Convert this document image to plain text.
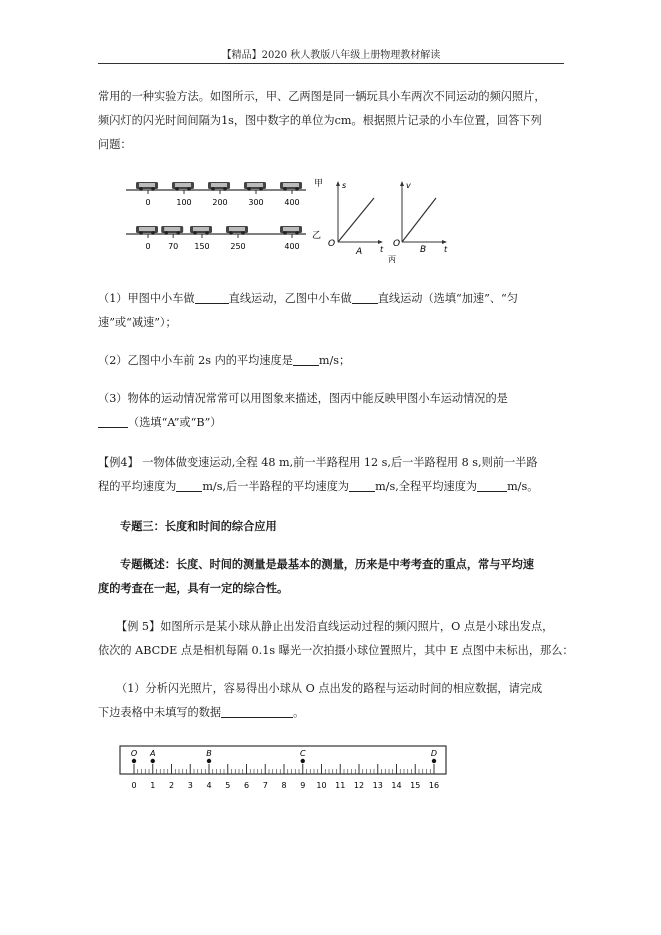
【精品】2020 秋人教版八年级上册物理教材解读
常用的一种实验方法。如图所示，甲、乙两图是同一辆玩具小车两次不同运动的频闪照片，
频闪灯的闪光时间间隔为1s，图中数字的单位为cm。根据照片记录的小车位置，回答下列
问题：
0	100	200	300	400
甲
0 70 150	250	400
乙
s
t
O
A
v
t
O
B
丙
（1）甲图中小车做	直线运动，乙图中小车做 直线运动（选填“加速”、“匀
速”或“减速”）；
（2）乙图中小车前 2s 内的平均速度是 m/s；
（3）物体的运动情况常常可以用图象来描述，图丙中能反映甲图小车运动情况的是
（选填“A”或“B”）
【例4】 一物体做变速运动,全程 48 m,前一半路程用 12 s,后一半路程用 8 s,则前一半路
程的平均速度为 m/s,后一半路程的平均速度为 m/s,全程平均速度为	m/s。
专题三：长度和时间的综合应用
专题概述：长度、时间的测量是最基本的测量，历来是中考考查的重点，常与平均速
度的考查在一起，具有一定的综合性。
【例 5】如图所示是某小球从静止出发沿直线运动过程的频闪照片，O 点是小球出发点，
依次的 ABCDE 点是相机每隔 0.1s 曝光一次拍摄小球位置照片，其中 E 点图中未标出，那么：
（1）分析闪光照片，容易得出小球从 O 点出发的路程与运动时间的相应数据，请完成
下边表格中未填写的数据	。
O A	B	C	D
0 1 2 3 4 5 6 7 8 9 10 11 12 13 14 15 16
